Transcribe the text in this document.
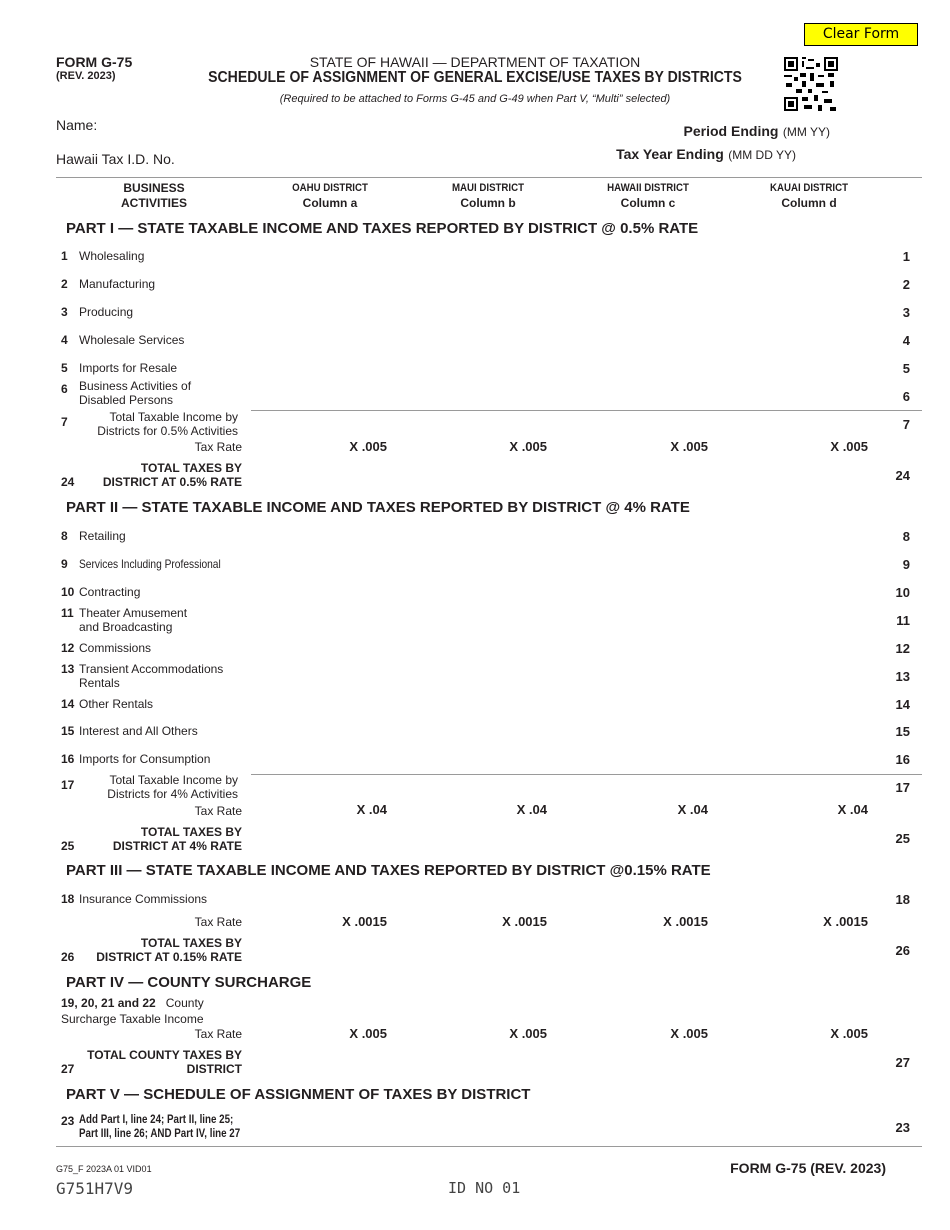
Clear Form
FORM G-75
(REV. 2023)
STATE OF HAWAII — DEPARTMENT OF TAXATION
SCHEDULE OF ASSIGNMENT OF GENERAL EXCISE/USE TAXES BY DISTRICTS
(Required to be attached to Forms G-45 and G-49 when Part V, “Multi” selected)
Name:
Hawaii Tax I.D. No.
Period Ending (MM YY)
Tax Year Ending (MM DD YY)
BUSINESS
ACTIVITIES
OAHU DISTRICT
Column a
MAUI DISTRICT
Column b
HAWAII DISTRICT
Column c
KAUAI DISTRICT
Column d
PART I — STATE TAXABLE INCOME AND TAXES REPORTED BY DISTRICT @ 0.5% RATE
1 Wholesaling	1
2 Manufacturing	2
3 Producing	3
4 Wholesale Services	4
5 Imports for Resale	5
6 Business Activities of
Disabled Persons	6
7	Total Taxable Income by
Districts for 0.5% Activities	7
Tax Rate	X .005	X .005	X .005	X .005
24
TOTAL TAXES BY
DISTRICT AT 0.5% RATE	24
PART II — STATE TAXABLE INCOME AND TAXES REPORTED BY DISTRICT @ 4% RATE
8 Retailing	8
9 Services Including Professional	9
10 Contracting	10
11 Theater Amusement
and Broadcasting	11
12 Commissions	12
13 Transient Accommodations
Rentals	13
14 Other Rentals	14
15 Interest and All Others	15
16 Imports for Consumption	16
17	Total Taxable Income by
Districts for 4% Activities	17
Tax Rate	X .04	X .04	X .04	X .04
25
TOTAL TAXES BY
DISTRICT AT 4% RATE	25
PART III — STATE TAXABLE INCOME AND TAXES REPORTED BY DISTRICT @0.15% RATE
18 Insurance Commissions	18
Tax Rate	X .0015	X .0015	X .0015	X .0015
26
TOTAL TAXES BY
DISTRICT AT 0.15% RATE	26
PART IV — COUNTY SURCHARGE
19, 20, 21 and 22 County
Surcharge Taxable Income
Tax Rate	X .005	X .005	X .005	X .005
27
TOTAL COUNTY TAXES BY
DISTRICT	27
PART V — SCHEDULE OF ASSIGNMENT OF TAXES BY DISTRICT
23 Add Part I, line 24; Part II, line 25;
Part III, line 26; AND Part IV, line 27	23
G75_F 2023A 01 VID01
G751H7V9	ID NO 01
FORM G-75 (REV. 2023)
